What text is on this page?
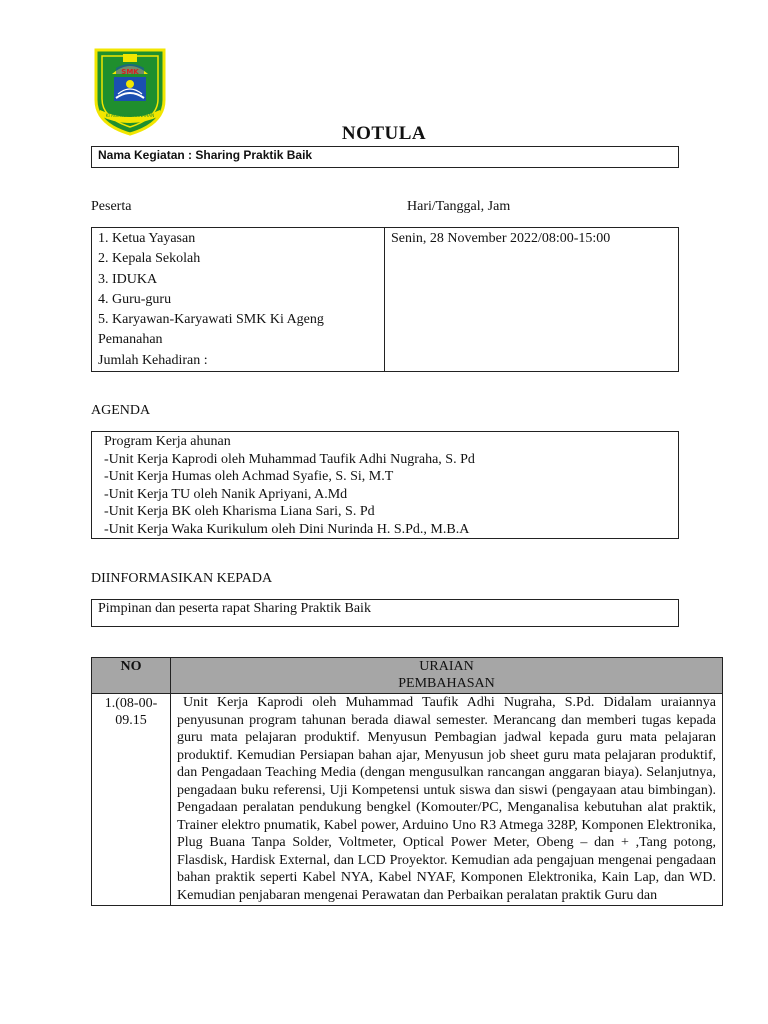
SMK
KI AGENG PEMANAHAN
NOTULA
Nama Kegiatan : Sharing Praktik Baik
Peserta	Hari/Tanggal, Jam
1. Ketua Yayasan
2. Kepala Sekolah
3. IDUKA
4. Guru-guru
5. Karyawan-Karyawati SMK Ki Ageng
Pemanahan
Jumlah Kehadiran :
Senin, 28 November 2022/08:00-15:00
AGENDA
Program Kerja ahunan
-Unit Kerja Kaprodi oleh Muhammad Taufik Adhi Nugraha, S. Pd
-Unit Kerja Humas oleh Achmad Syafie, S. Si, M.T
-Unit Kerja TU oleh Nanik Apriyani, A.Md
-Unit Kerja BK oleh Kharisma Liana Sari, S. Pd
-Unit Kerja Waka Kurikulum oleh Dini Nurinda H. S.Pd., M.B.A
DIINFORMASIKAN KEPADA
Pimpinan dan peserta rapat Sharing Praktik Baik
NO	URAIAN
PEMBAHASAN

1.(08-00-
09.15	Unit Kerja Kaprodi oleh Muhammad Taufik Adhi Nugraha, S.Pd. Didalam uraiannya penyusunan program tahunan berada diawal semester. Merancang dan memberi tugas kepada guru mata pelajaran produktif. Menyusun Pembagian jadwal kepada guru mata pelajaran produktif. Kemudian Persiapan bahan ajar, Menyusun job sheet guru mata pelajaran produktif, dan Pengadaan Teaching Media (dengan mengusulkan rancangan anggaran biaya). Selanjutnya, pengadaan buku referensi, Uji Kompetensi untuk siswa dan siswi (pengayaan atau bimbingan). Pengadaan peralatan pendukung bengkel (Komouter/PC, Menganalisa kebutuhan alat praktik, Trainer elektro pnumatik, Kabel power, Arduino Uno R3 Atmega 328P, Komponen Elektronika, Plug Buana Tanpa Solder, Voltmeter, Optical Power Meter, Obeng – dan + ,Tang potong, Flasdisk, Hardisk External, dan LCD Proyektor. Kemudian ada pengajuan mengenai pengadaan bahan praktik seperti Kabel NYA, Kabel NYAF, Komponen Elektronika, Kain Lap, dan WD. Kemudian penjabaran mengenai Perawatan dan Perbaikan peralatan praktik Guru dan
